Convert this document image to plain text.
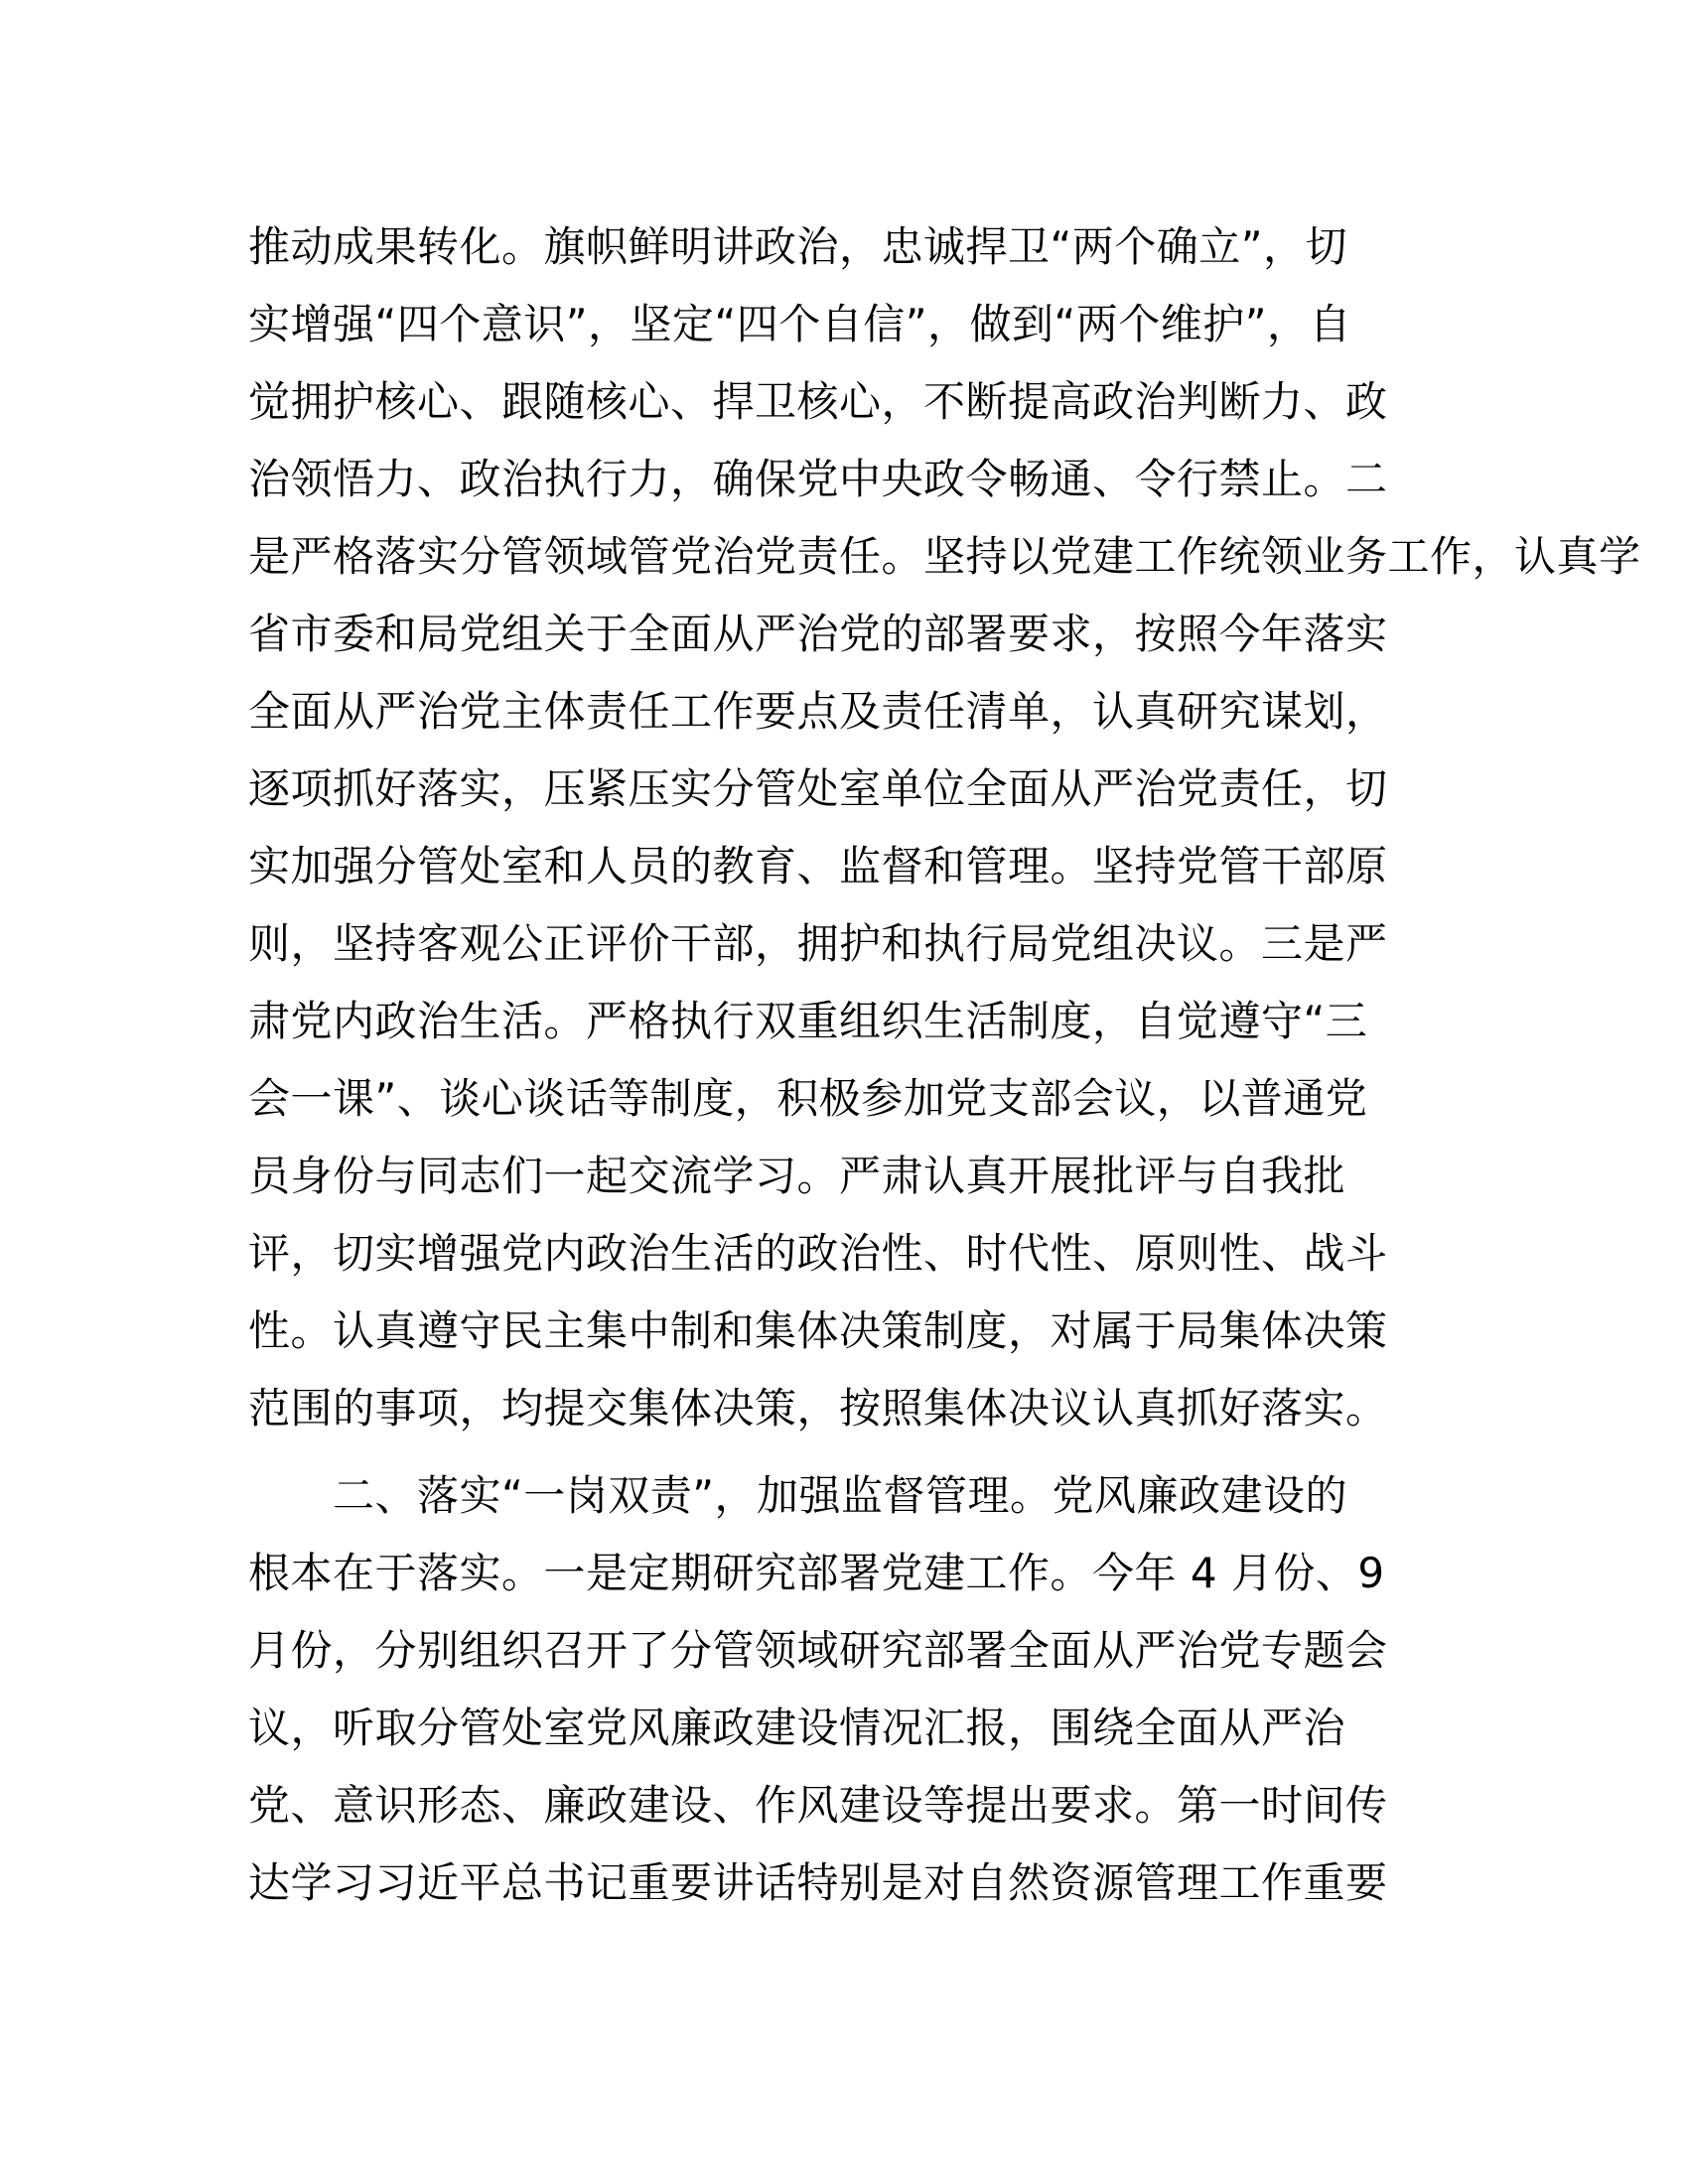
推动成果转化。旗帜鲜明讲政治，忠诚捍卫“两个确立”，切
实增强“四个意识”，坚定“四个自信”，做到“两个维护”，自
觉拥护核心、跟随核心、捍卫核心，不断提高政治判断力、政
治领悟力、政治执行力，确保党中央政令畅通、令行禁止。二
是严格落实分管领域管党治党责任。坚持以党建工作统领业务工作，认真学
省市委和局党组关于全面从严治党的部署要求，按照今年落实
全面从严治党主体责任工作要点及责任清单，认真研究谋划，
逐项抓好落实，压紧压实分管处室单位全面从严治党责任，切
实加强分管处室和人员的教育、监督和管理。坚持党管干部原
则，坚持客观公正评价干部，拥护和执行局党组决议。三是严
肃党内政治生活。严格执行双重组织生活制度，自觉遵守“三
会一课”、谈心谈话等制度，积极参加党支部会议，以普通党
员身份与同志们一起交流学习。严肃认真开展批评与自我批
评，切实增强党内政治生活的政治性、时代性、原则性、战斗
性。认真遵守民主集中制和集体决策制度，对属于局集体决策
范围的事项，均提交集体决策，按照集体决议认真抓好落实。
　　二、落实“一岗双责”，加强监督管理。党风廉政建设的
根本在于落实。一是定期研究部署党建工作。今年 4 月份、9
月份，分别组织召开了分管领域研究部署全面从严治党专题会
议，听取分管处室党风廉政建设情况汇报，围绕全面从严治
党、意识形态、廉政建设、作风建设等提出要求。第一时间传
达学习习近平总书记重要讲话特别是对自然资源管理工作重要
